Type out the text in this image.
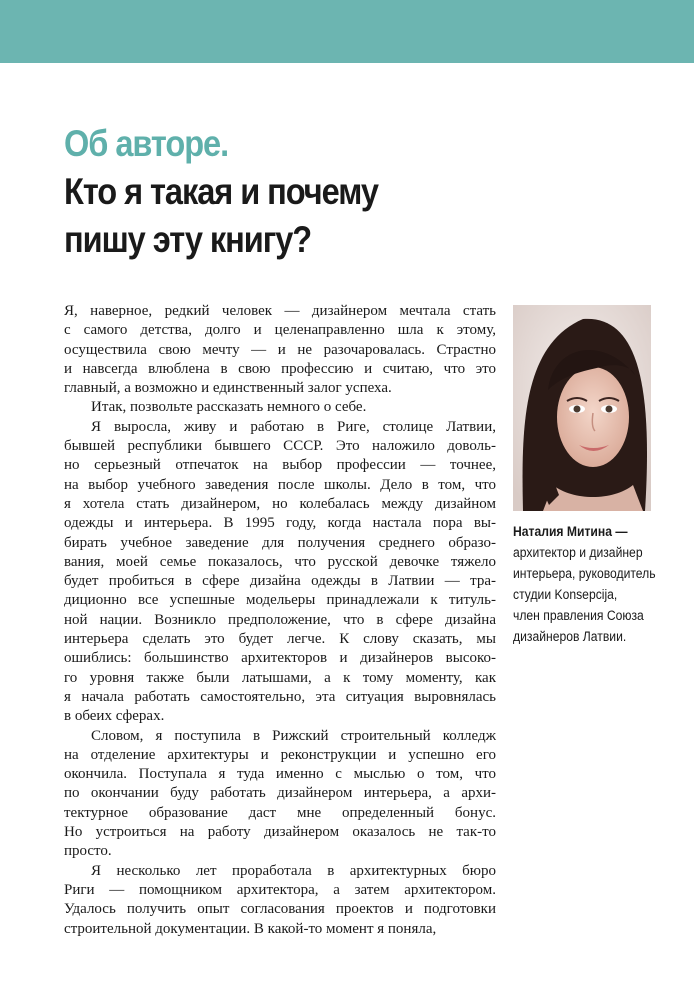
Об авторе.
Кто я такая и почему
пишу эту книгу?

Я, наверное, редкий человек — дизайнером мечтала стать

с самого детства, долго и целенаправленно шла к этому,

осуществила свою мечту — и не разочаровалась. Страстно

и навсегда влюблена в свою профессию и считаю, что это

главный, а возможно и единственный залог успеха.

Итак, позвольте рассказать немного о себе.

Я выросла, живу и работаю в Риге, столице Латвии,

бывшей республики бывшего СССР. Это наложило доволь-

но серьезный отпечаток на выбор профессии — точнее,

на выбор учебного заведения после школы. Дело в том, что

я хотела стать дизайнером, но колебалась между дизайном

одежды и интерьера. В 1995 году, когда настала пора вы-

бирать учебное заведение для получения среднего образо-

вания, моей семье показалось, что русской девочке тяжело

будет пробиться в сфере дизайна одежды в Латвии — тра-

диционно все успешные модельеры принадлежали к титуль-

ной нации. Возникло предположение, что в сфере дизайна

интерьера сделать это будет легче. К слову сказать, мы

ошиблись: большинство архитекторов и дизайнеров высоко-

го уровня также были латышами, а к тому моменту, как

я начала работать самостоятельно, эта ситуация выровнялась

в обеих сферах.

Словом, я поступила в Рижский строительный колледж

на отделение архитектуры и реконструкции и успешно его

окончила. Поступала я туда именно с мыслью о том, что

по окончании буду работать дизайнером интерьера, а архи-

тектурное образование даст мне определенный бонус.

Но устроиться на работу дизайнером оказалось не так-то

просто.

Я несколько лет проработала в архитектурных бюро

Риги — помощником архитектора, а затем архитектором.

Удалось получить опыт согласования проектов и подготовки

строительной документации. В какой-то момент я поняла,

Наталия Митина —
архитектор и дизайнер
интерьера, руководитель
студии Konsepcija,
член правления Союза
дизайнеров Латвии.
